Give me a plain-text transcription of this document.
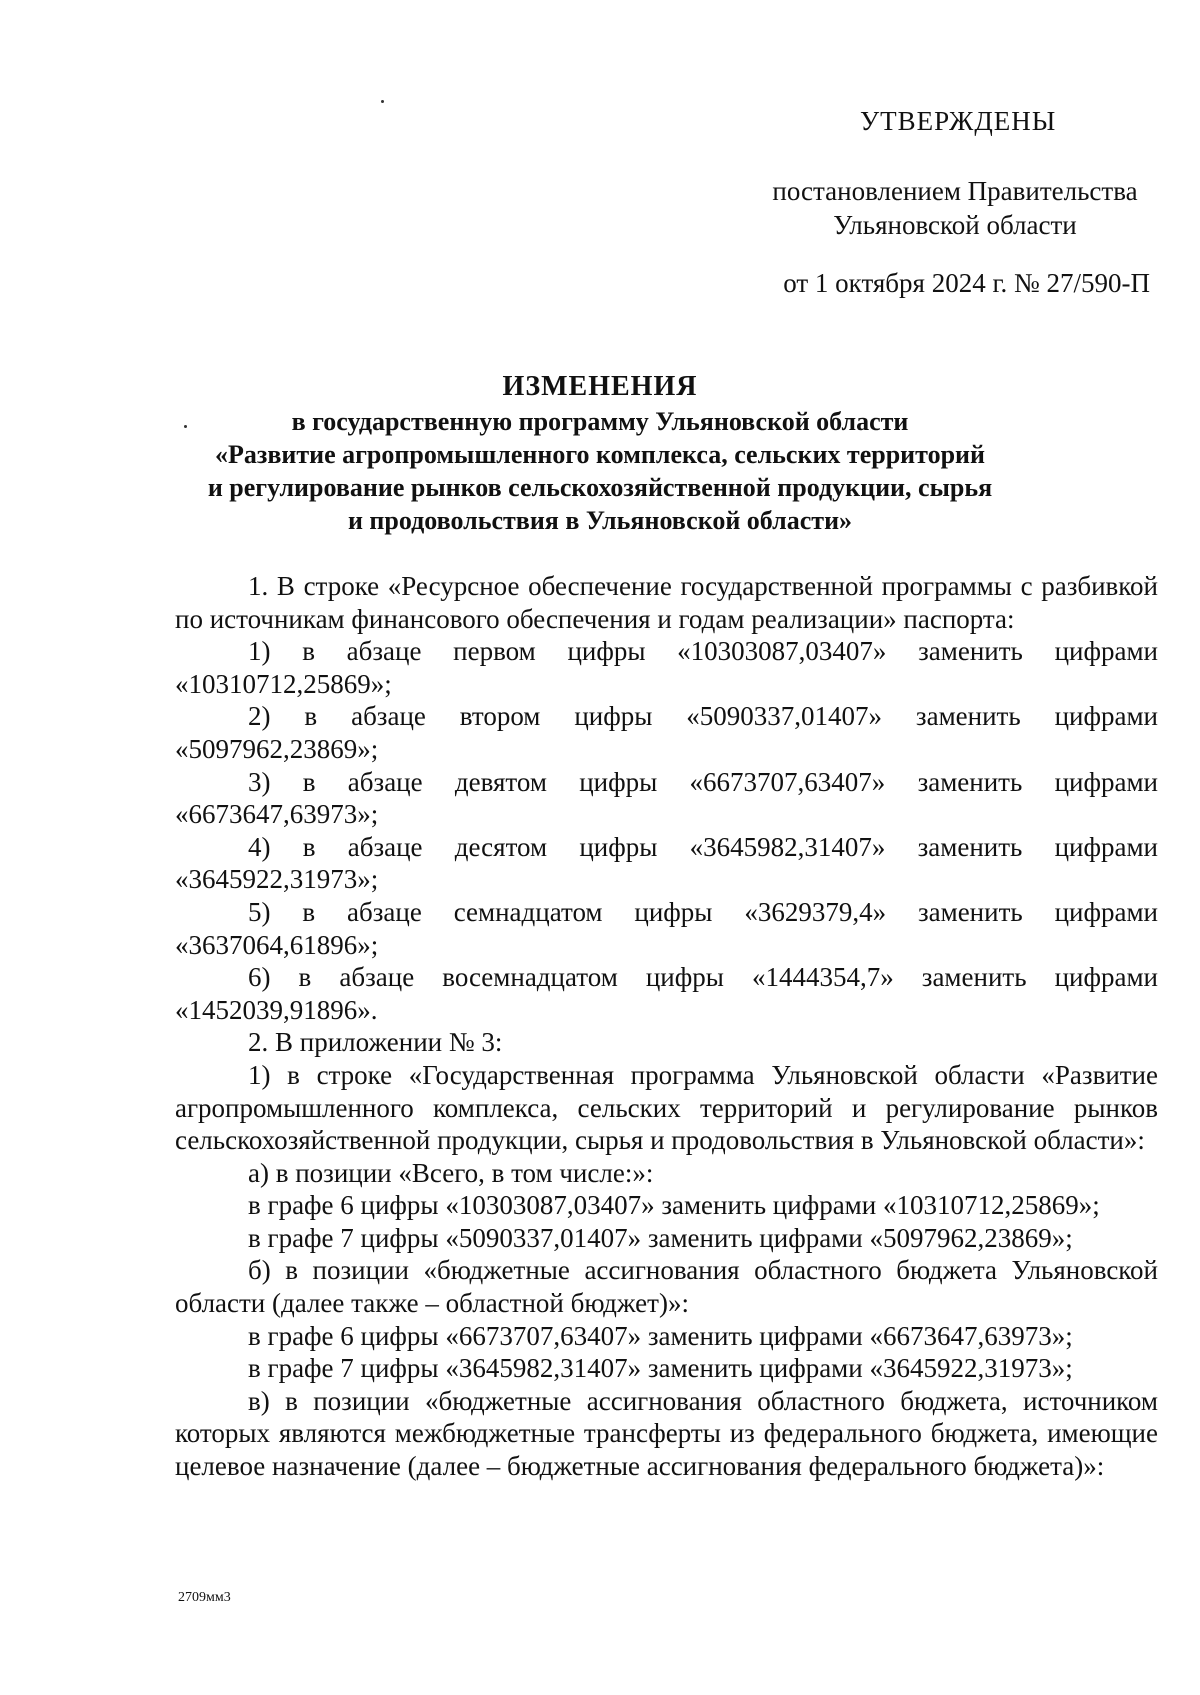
УТВЕРЖДЕНЫ
постановлением Правительства
Ульяновской области
от 1 октября 2024 г. № 27/590-П
ИЗМЕНЕНИЯ
в государственную программу Ульяновской области
«Развитие агропромышленного комплекса, сельских территорий
и регулирование рынков сельскохозяйственной продукции, сырья
и продовольствия в Ульяновской области»

1. В строке «Ресурсное обеспечение государственной программы с разбивкой по источникам финансового обеспечения и годам реализации» паспорта:

1) в абзаце первом цифры «10303087,03407» заменить цифрами «10310712,25869»;

2) в абзаце втором цифры «5090337,01407» заменить цифрами «5097962,23869»;

3) в абзаце девятом цифры «6673707,63407» заменить цифрами «6673647,63973»;

4) в абзаце десятом цифры «3645982,31407» заменить цифрами «3645922,31973»;

5) в абзаце семнадцатом цифры «3629379,4» заменить цифрами «3637064,61896»;

6) в абзаце восемнадцатом цифры «1444354,7» заменить цифрами «1452039,91896».

2. В приложении № 3:

1) в строке «Государственная программа Ульяновской области «Развитие агропромышленного комплекса, сельских территорий и регулирование рынков сельскохозяйственной продукции, сырья и продовольствия в Ульяновской области»:

а) в позиции «Всего, в том числе:»:

в графе 6 цифры «10303087,03407» заменить цифрами «10310712,25869»;

в графе 7 цифры «5090337,01407» заменить цифрами «5097962,23869»;

б) в позиции «бюджетные ассигнования областного бюджета Ульяновской области (далее также – областной бюджет)»:

в графе 6 цифры «6673707,63407» заменить цифрами «6673647,63973»;

в графе 7 цифры «3645982,31407» заменить цифрами «3645922,31973»;

в) в позиции «бюджетные ассигнования областного бюджета, источником которых являются межбюджетные трансферты из федерального бюджета, имеющие целевое назначение (далее – бюджетные ассигнования федерального бюджета)»:

2709мм3
